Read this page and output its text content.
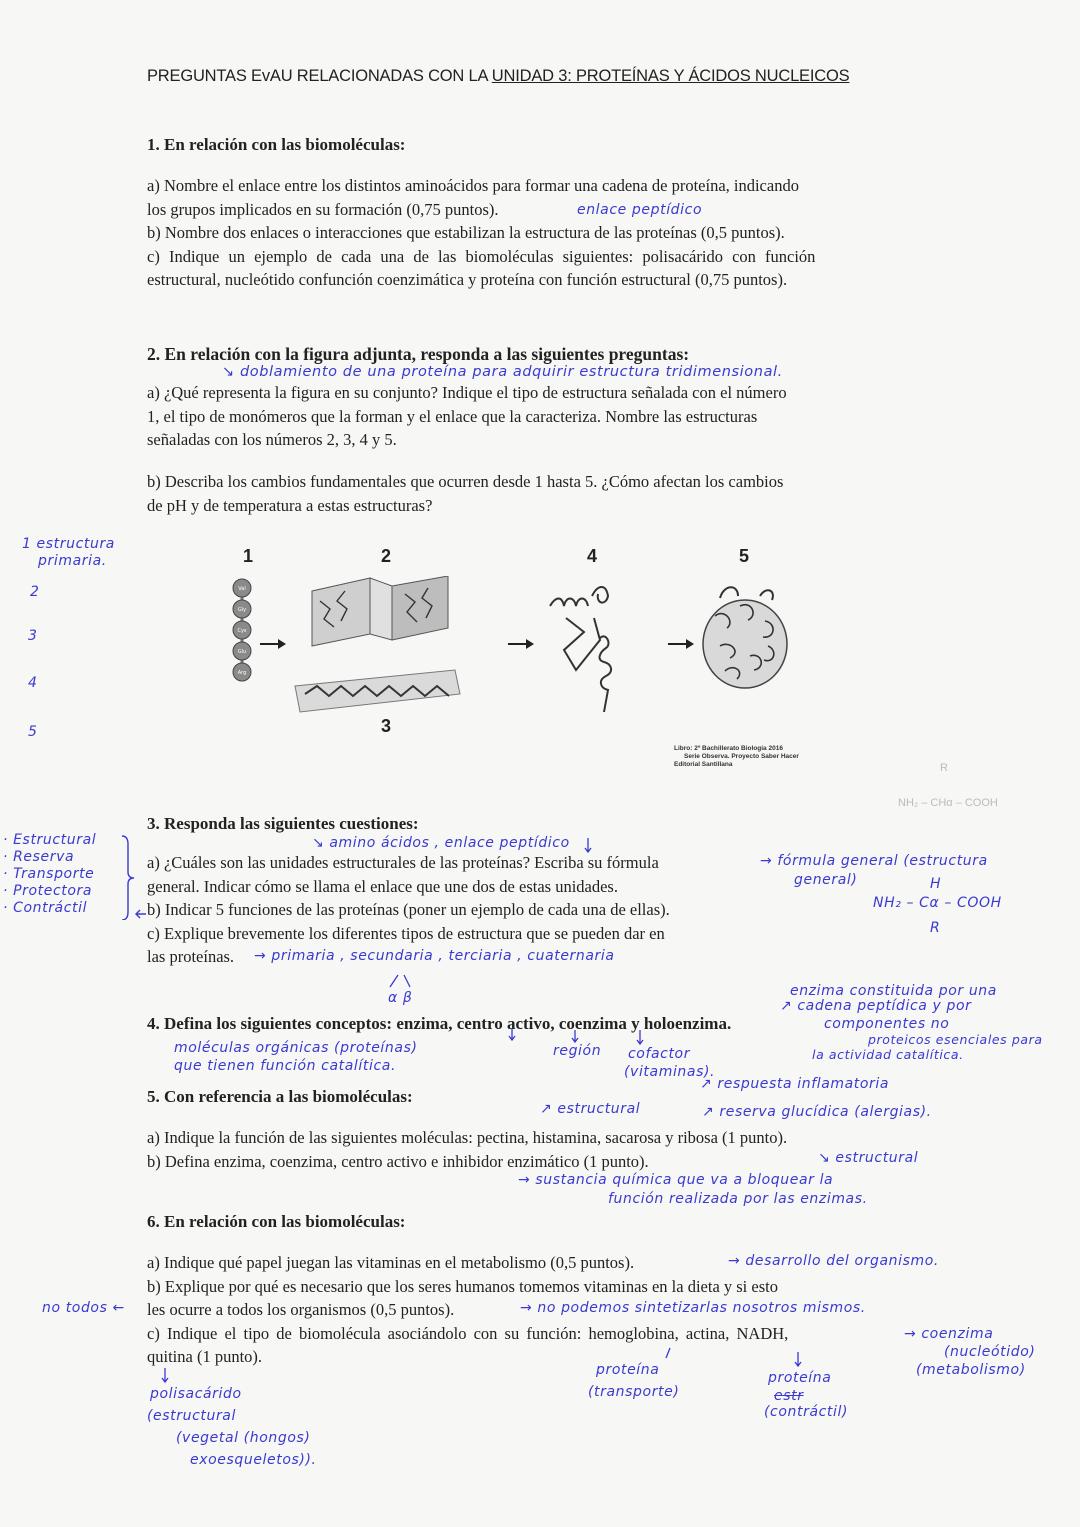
PREGUNTAS EvAU RELACIONADAS CON LA UNIDAD 3: PROTEÍNAS Y ÁCIDOS NUCLEICOS
1. En relación con las biomoléculas:
a) Nombre el enlace entre los distintos aminoácidos para formar una cadena de proteína, indicando
los grupos implicados en su formación (0,75 puntos).
b) Nombre dos enlaces o interacciones que estabilizan la estructura de las proteínas (0,5 puntos).
c) Indique un ejemplo de cada una de las biomoléculas siguientes: polisacárido con función
estructural, nucleótido confunción coenzimática y proteína con función estructural (0,75 puntos).
enlace peptídico
2. En relación con la figura adjunta, responda a las siguientes preguntas:
↘ doblamiento de una proteína para adquirir estructura tridimensional.
a) ¿Qué representa la figura en su conjunto? Indique el tipo de estructura señalada con el número
1, el tipo de monómeros que la forman y el enlace que la caracteriza. Nombre las estructuras
señaladas con los números 2, 3, 4 y 5.
b) Describa los cambios fundamentales que ocurren desde 1 hasta 5. ¿Cómo afectan los cambios
de pH y de temperatura a estas estructuras?
1 estructura
primaria.
2
3
4
5
1	2	4	5
3
Val
Gly
Cys
Glu
Arg
Libro: 2º Bachillerato Biología 2016
Serie Observa. Proyecto Saber Hacer
Editorial Santillana	R
NH₂ – CHα – COOH
3. Responda las siguientes cuestiones:
↘ amino ácidos , enlace peptídico
a) ¿Cuáles son las unidades estructurales de las proteínas? Escriba su fórmula
general. Indicar cómo se llama el enlace que une dos de estas unidades.
b) Indicar 5 funciones de las proteínas (poner un ejemplo de cada una de ellas).
c) Explique brevemente los diferentes tipos de estructura que se pueden dar en
las proteínas.
→ fórmula general (estructura
general)	H
NH₂ – Cα – COOH
R
· Estructural
· Reserva
· Transporte
· Protectora
· Contráctil
→ primaria , secundaria , terciaria , cuaternaria
α β	enzima constituida por una
↗ cadena peptídica y por
4. Defina los siguientes conceptos: enzima, centro activo, coenzima y holoenzima.	componentes no
proteicos esenciales para
la actividad catalítica.
moléculas orgánicas (proteínas)
que tienen función catalítica.
región cofactor
(vitaminas).
↗ respuesta inflamatoria
5. Con referencia a las biomoléculas:
↗ estructural	↗ reserva glucídica (alergias).
a) Indique la función de las siguientes moléculas: pectina, histamina, sacarosa y ribosa (1 punto).
b) Defina enzima, coenzima, centro activo e inhibidor enzimático (1 punto).	↘ estructural
→ sustancia química que va a bloquear la
función realizada por las enzimas.
6. En relación con las biomoléculas:
a) Indique qué papel juegan las vitaminas en el metabolismo (0,5 puntos).
b) Explique por qué es necesario que los seres humanos tomemos vitaminas en la dieta y si esto
les ocurre a todos los organismos (0,5 puntos).
c) Indique el tipo de biomolécula asociándolo con su función: hemoglobina, actina, NADH,
quitina (1 punto).
→ desarrollo del organismo.
→ no podemos sintetizarlas nosotros mismos.
no todos ←
→ coenzima
(nucleótido)
(metabolismo)
proteína
(transporte)
proteína
estr
(contráctil)
polisacárido
(estructural
(vegetal (hongos)
exoesqueletos)).
